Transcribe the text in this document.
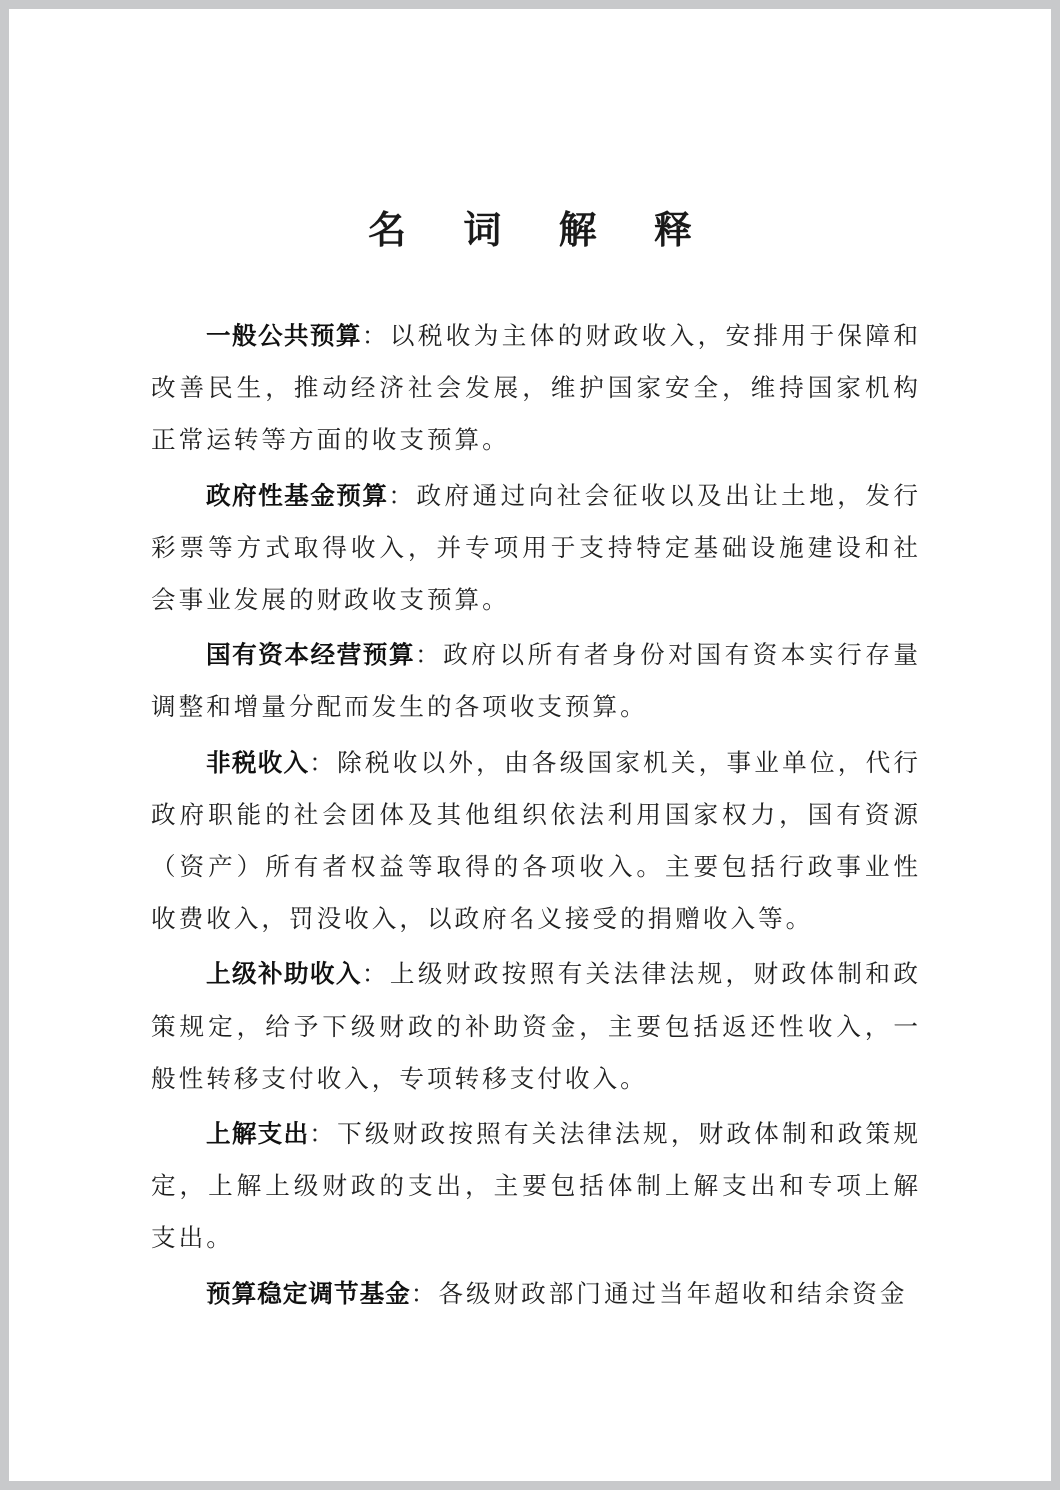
名 词 解 释

一般公共预算：以税收为主体的财政收入，安排用于保障和改善民生，推动经济社会发展，维护国家安全，维持国家机构正常运转等方面的收支预算。

政府性基金预算：政府通过向社会征收以及出让土地，发行彩票等方式取得收入，并专项用于支持特定基础设施建设和社会事业发展的财政收支预算。

国有资本经营预算：政府以所有者身份对国有资本实行存量调整和增量分配而发生的各项收支预算。

非税收入：除税收以外，由各级国家机关，事业单位，代行政府职能的社会团体及其他组织依法利用国家权力，国有资源（资产）所有者权益等取得的各项收入。主要包括行政事业性收费收入，罚没收入，以政府名义接受的捐赠收入等。

上级补助收入：上级财政按照有关法律法规，财政体制和政策规定，给予下级财政的补助资金，主要包括返还性收入，一般性转移支付收入，专项转移支付收入。

上解支出：下级财政按照有关法律法规，财政体制和政策规定，上解上级财政的支出，主要包括体制上解支出和专项上解支出。

预算稳定调节基金：各级财政部门通过当年超收和结余资金
